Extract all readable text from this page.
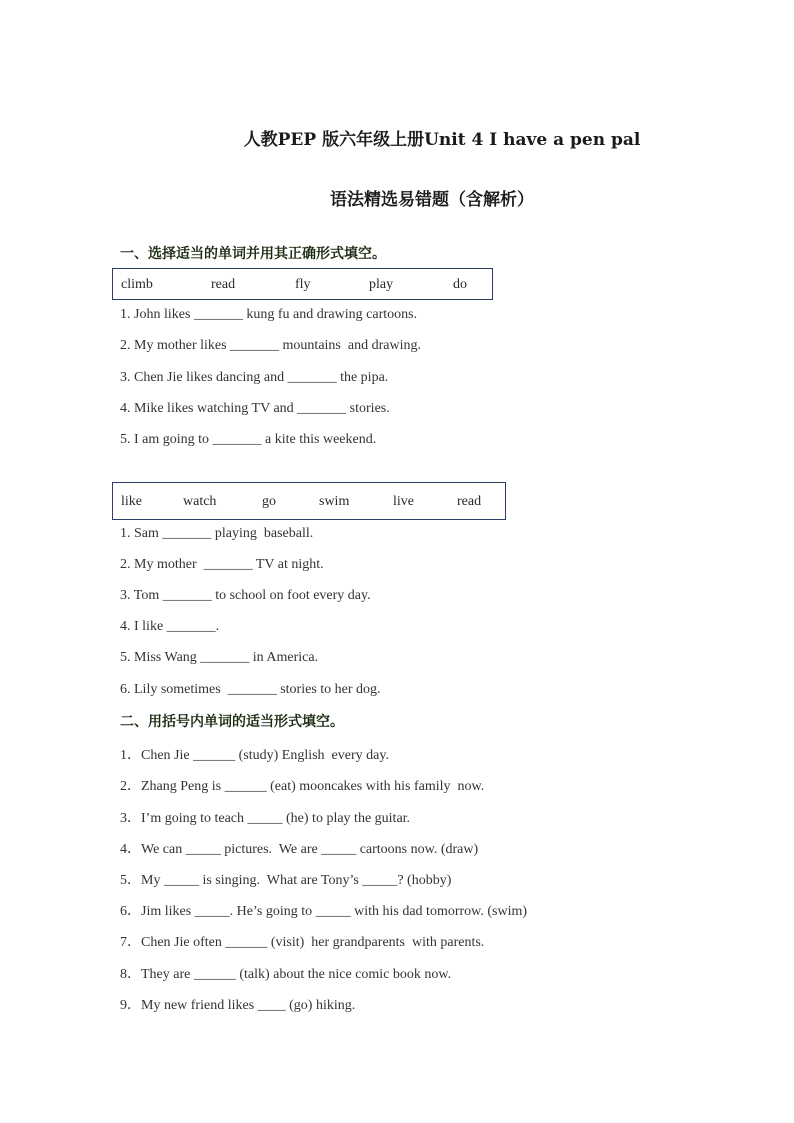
人教PEP 版六年级上册Unit 4 I have a pen pal
语法精选易错题（含解析）
一、选择适当的单词并用其正确形式填空。
climb	read	fly	play	do
1. John likes _______ kung fu and drawing cartoons.
2. My mother likes _______ mountains  and drawing.
3. Chen Jie likes dancing and _______ the pipa.
4. Mike likes watching TV and _______ stories.
5. I am going to _______ a kite this weekend.
like	watch	go	swim	live	read
1. Sam _______ playing  baseball.
2. My mother  _______ TV at night.
3. Tom _______ to school on foot every day.
4. I like _______.
5. Miss Wang _______ in America.
6. Lily sometimes  _______ stories to her dog.
二、用括号内单词的适当形式填空。
1．Chen Jie ______ (study) English  every day.
2．Zhang Peng is ______ (eat) mooncakes with his family  now.
3．I’m going to teach _____ (he) to play the guitar.
4．We can _____ pictures.  We are _____ cartoons now. (draw)
5．My _____ is singing.  What are Tony’s _____? (hobby)
6．Jim likes _____. He’s going to _____ with his dad tomorrow. (swim)
7．Chen Jie often ______ (visit)  her grandparents  with parents.
8．They are ______ (talk) about the nice comic book now.
9．My new friend likes ____ (go) hiking.
